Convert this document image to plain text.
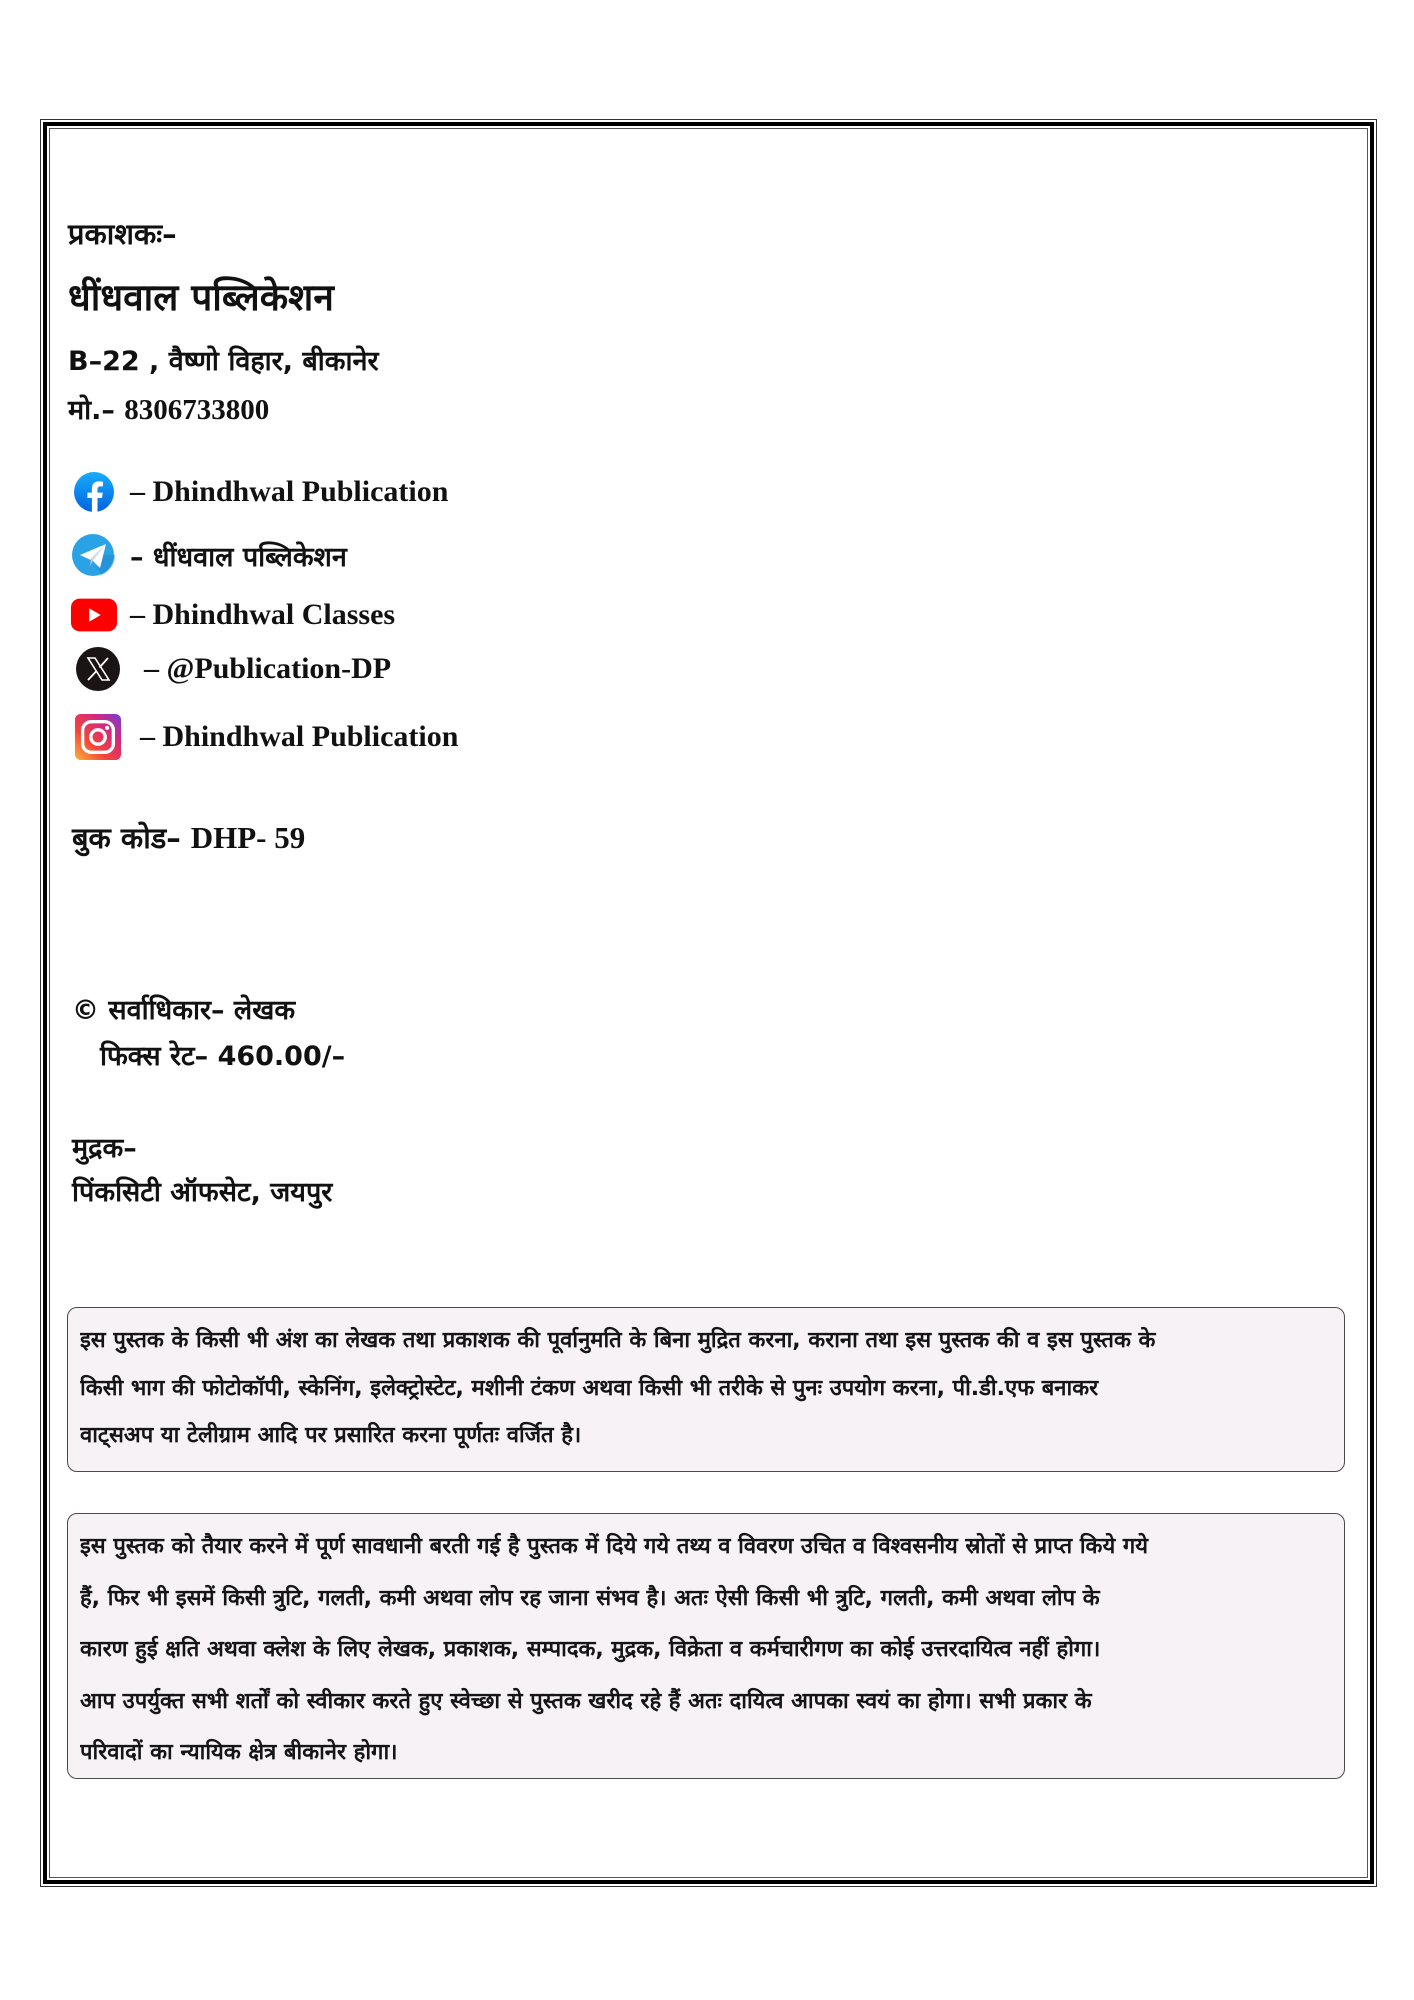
प्रकाशकः–
धींधवाल पब्लिकेशन
B–22 , वैष्णो विहार, बीकानेर
मो.– 8306733800
– Dhindhwal Publication
– धींधवाल पब्लिकेशन
– Dhindhwal Classes
– @Publication-DP
– Dhindhwal Publication
बुक कोड– DHP- 59
© सर्वाधिकार– लेखक
फिक्स रेट– 460.00/–
मुद्रक–
पिंकसिटी ऑफसेट, जयपुर
इस पुस्तक के किसी भी अंश का लेखक तथा प्रकाशक की पूर्वानुमति के बिना मुद्रित करना, कराना तथा इस पुस्तक की व इस पुस्तक के
किसी भाग की फोटोकॉपी, स्केनिंग, इलेक्ट्रोस्टेट, मशीनी टंकण अथवा किसी भी तरीके से पुनः उपयोग करना, पी.डी.एफ बनाकर
वाट्सअप या टेलीग्राम आदि पर प्रसारित करना पूर्णतः वर्जित है।
इस पुस्तक को तैयार करने में पूर्ण सावधानी बरती गई है पुस्तक में दिये गये तथ्य व विवरण उचित व विश्वसनीय स्रोतों से प्राप्त किये गये
हैं, फिर भी इसमें किसी त्रुटि, गलती, कमी अथवा लोप रह जाना संभव है। अतः ऐसी किसी भी त्रुटि, गलती, कमी अथवा लोप के
कारण हुई क्षति अथवा क्लेश के लिए लेखक, प्रकाशक, सम्पादक, मुद्रक, विक्रेता व कर्मचारीगण का कोई उत्तरदायित्व नहीं होगा।
आप उपर्युक्त सभी शर्तों को स्वीकार करते हुए स्वेच्छा से पुस्तक खरीद रहे हैं अतः दायित्व आपका स्वयं का होगा। सभी प्रकार के
परिवादों का न्यायिक क्षेत्र बीकानेर होगा।
